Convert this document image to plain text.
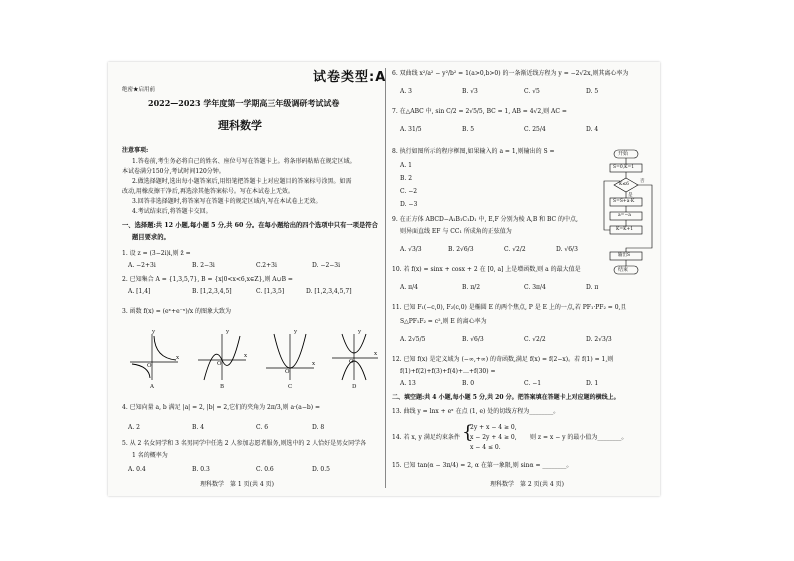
试卷类型:A
绝密★启用前
2022—2023 学年度第一学期高三年级调研考试试卷
理科数学
注意事项:
1.答卷前,考生务必将自己的姓名、座位号写在答题卡上。将条形码粘贴在规定区域。
本试卷满分150分,考试时间120分钟。
2.做选择题时,选出每小题答案后,用铅笔把答题卡上对应题目的答案标号涂黑。如需
改动,用橡皮擦干净后,再选涂其他答案标号。写在本试卷上无效。
3.回答非选择题时,将答案写在答题卡的规定区域内,写在本试卷上无效。
4.考试结束后,将答题卡交回。
一、选择题:共 12 小题,每小题 5 分,共 60 分。在每小题给出的四个选项中只有一项是符合
题目要求的。
1. 设 z = (3−2i)i,则 z̄ =
A. −2+3i	B. 2−3i	C.2+3i	D. −2−3i
2. 已知集合 A = {1,3,5,7}, B = {x|0<x<6,x∈Z},则 A∪B =
A. [1,4]	B. [1,2,3,4,5]	C. [1,3,5]	D. [1,2,3,4,5,7]
3. 函数 f(x) = (eˣ+e⁻ˣ)/x 的图象大致为
y
x
O
A
y
x
O
B
y
x
O
C
y
x
O
D
4. 已知向量 a, b 满足 |a| = 2, |b| = 2,它们的夹角为 2π/3,则 a·(a−b) =
A. 2	B. 4	C. 6	D. 8
5. 从 2 名女同学和 3 名男同学中任选 2 人参加志愿者服务,则选中的 2 人恰好是男女同学各
1 名的概率为
A. 0.4	B. 0.3	C. 0.6	D. 0.5
理科数学　第 1 页(共 4 页)
6. 双曲线 x²/a² − y²/b² = 1(a>0,b>0) 的一条渐近线方程为 y = −2√2x,则其离心率为
A. 3	B. √3	C. √5	D. 5
7. 在△ABC 中, sin C/2 = 2√5/5, BC = 1, AB = 4√2,则 AC =
A. 31/5	B. 5	C. 25/4	D. 4
8. 执行如图所示的程序框图,如果输入的 a = 1,则输出的 S =
A. 1
B. 2
C. −2
D. −3
开始
S=0,K=1
K≤6
否
是
S=S+a·K
a=−a
K=K+1
输出S
结束
9. 在正方体 ABCD−A₁B₁C₁D₁ 中, E,F 分别为棱 A,B 和 BC 的中点,
则异面直线 EF 与 CC₁ 所成角的正弦值为
A. √3/3	B. 2√6/3	C. √2/2	D. √6/3
10. 若 f(x) = sinx + cosx + 2 在 [0, a] 上是增函数,则 a 的最大值是
A. π/4	B. π/2	C. 3π/4	D. π
11. 已知 F₁(−c,0), F₂(c,0) 是椭圆 E 的两个焦点, P 是 E 上的一点,若 PF₁·PF₂ = 0,且
S△PF₁F₂ = c²,则 E 的离心率为
A. 2√5/5	B. √6/3	C. √2/2	D. 2√3/3
12. 已知 f(x) 是定义域为 (−∞,+∞) 的奇函数,满足 f(x) = f(2−x)。若 f(1) = 1,则
f(1)+f(2)+f(3)+f(4)+…+f(30) =
A. 13	B. 0	C. −1	D. 1
二、填空题:共 4 小题,每小题 5 分,共 20 分。把答案填在答题卡上对应题的横线上。
13. 曲线 y = lnx + eˣ 在点 (1, e) 处的切线方程为________。
14. 若 x, y 满足约束条件 {
2y + x − 4 ≥ 0,
x − 2y + 4 ≥ 0,
x − 4 ≤ 0.
则 z = x − y 的最小值为________。
15. 已知 tan(α − 3π/4) = 2, α 在第一象限,则 sinα = ________。
理科数学　第 2 页(共 4 页)
